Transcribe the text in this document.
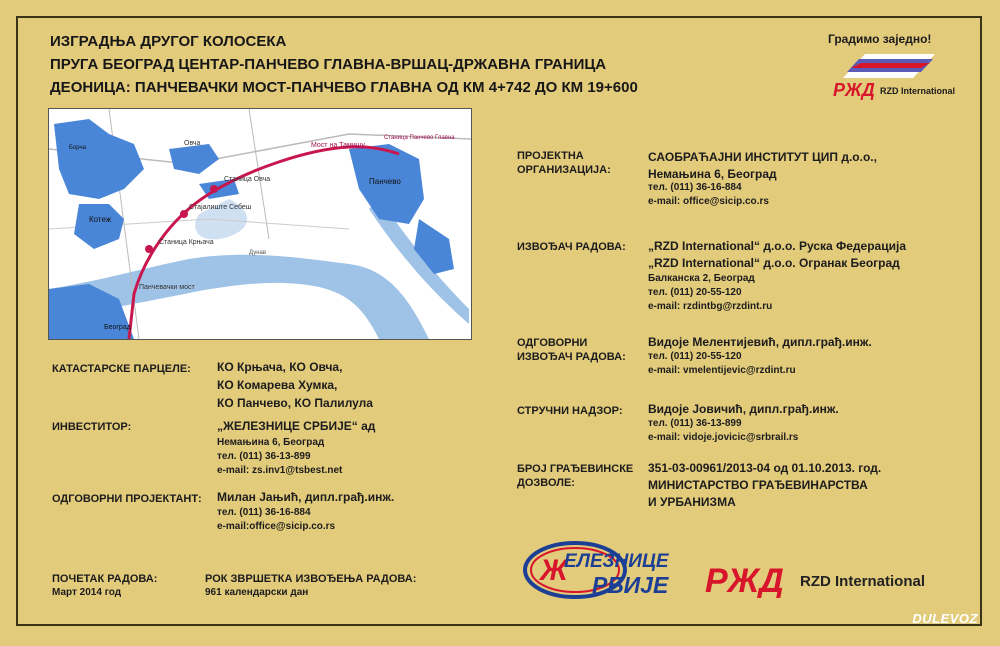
ИЗГРАДЊА ДРУГОГ КОЛОСЕКА
ПРУГА БЕОГРАД ЦЕНТАР-ПАНЧЕВО ГЛАВНА-ВРШАЦ-ДРЖАВНА ГРАНИЦА
ДЕОНИЦА: ПАНЧЕВАЧКИ МОСТ-ПАНЧЕВО ГЛАВНА ОД КМ 4+742 ДО КМ 19+600
Градимо заједно!
PЖД RZD International
Овча	Мост на Тамишу
Станица Панчево Главна
Панчево
Станица Овча
Стајалиште Себеш
Станица Крњача
Котеж
Дунав
Панчевачки мост
Београд
Борча
КАТАСТАРСКЕ ПАРЦЕЛЕ: КО Крњача, КО Овча,
КО Комарева Хумка,
КО Панчево, КО Палилула
ИНВЕСТИТОР:	„ЖЕЛЕЗНИЦЕ СРБИЈЕ“ ад
Немањина 6, Београд
тел. (011) 36-13-899
e-mail: zs.inv1@tsbest.net
ОДГОВОРНИ ПРОЈЕКТАНТ: Милан Јањић, дипл.грађ.инж.
тел. (011) 36-16-884
e-mail:office@sicip.co.rs
ПОЧЕТАК РАДОВА:
Март 2014 год
РОК ЗВРШЕТКА ИЗВОЂЕЊА РАДОВА:
961 календарски дан
ПРОЈЕКТНА
ОРГАНИЗАЦИЈА:
САОБРАЋАЈНИ ИНСТИТУТ ЦИП д.о.о.,
Немањина 6, Београд
тел. (011) 36-16-884
e-mail: office@sicip.co.rs
ИЗВОЂАЧ РАДОВА: „RZD International“ д.о.о. Руска Федерација
„RZD International“ д.о.о. Огранак Београд
Балканска 2, Београд
тел. (011) 20-55-120
e-mail: rzdintbg@rzdint.ru
ОДГОВОРНИ
ИЗВОЂАЧ РАДОВА:
Видоје Мелентијевић, дипл.грађ.инж.
тел. (011) 20-55-120
e-mail: vmelentijevic@rzdint.ru
СТРУЧНИ НАДЗОР: Видоје Јовичић, дипл.грађ.инж.
тел. (011) 36-13-899
e-mail: vidoje.jovicic@srbrail.rs
БРОЈ ГРАЂЕВИНСКЕ
ДОЗВОЛЕ:
351-03-00961/2013-04 од 01.10.2013. год.
МИНИСТАРСТВО ГРАЂЕВИНАРСТВА
И УРБАНИЗМА
Ж
ЕЛЕЗНИЦЕ
РБИЈЕ PЖД RZD International
DULEVOZ
